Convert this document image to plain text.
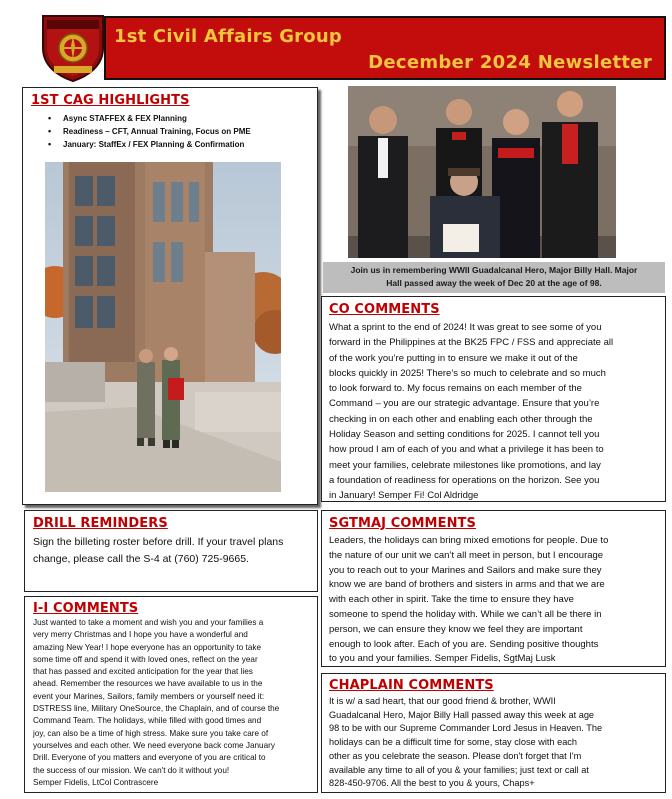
1st Civil Affairs Group
December 2024 Newsletter
1ST CAG HIGHLIGHTS
• Async STAFFEX & FEX Planning
• Readiness – CFT, Annual Training, Focus on PME
• January: StaffEx / FEX Planning & Confirmation
Join us in remembering WWII Guadalcanal Hero, Major Billy Hall. Major
Hall passed away the week of Dec 20 at the age of 98.
CO COMMENTS
What a sprint to the end of 2024! It was great to see some of you
forward in the Philippines at the BK25 FPC / FSS and appreciate all
of the work you’re putting in to ensure we make it out of the
blocks quickly in 2025! There’s so much to celebrate and so much
to look forward to. My focus remains on each member of the
Command – you are our strategic advantage. Ensure that you’re
checking in on each other and enabling each other through the
Holiday Season and setting conditions for 2025. I cannot tell you
how proud I am of each of you and what a privilege it has been to
meet your families, celebrate milestones like promotions, and lay
a foundation of readiness for operations on the horizon. See you
in January! Semper Fi! Col Aldridge
DRILL REMINDERS
Sign the billeting roster before drill. If your travel plans
change, please call the S-4 at (760) 725-9665.
SGTMAJ COMMENTS
Leaders, the holidays can bring mixed emotions for people. Due to
the nature of our unit we can’t all meet in person, but I encourage
you to reach out to your Marines and Sailors and make sure they
know we are band of brothers and sisters in arms and that we are
with each other in spirit. Take the time to ensure they have
someone to spend the holiday with. While we can’t all be there in
person, we can ensure they know we feel they are important
enough to look after. Each of you are. Sending positive thoughts
to you and your families. Semper Fidelis, SgtMaj Lusk
I-I COMMENTS
Just wanted to take a moment and wish you and your families a
very merry Christmas and I hope you have a wonderful and
amazing New Year! I hope everyone has an opportunity to take
some time off and spend it with loved ones, reflect on the year
that has passed and excited anticipation for the year that lies
ahead. Remember the resources we have available to us in the
event your Marines, Sailors, family members or yourself need it:
DSTRESS line, Military OneSource, the Chaplain, and of course the
Command Team. The holidays, while filled with good times and
joy, can also be a time of high stress. Make sure you take care of
yourselves and each other. We need everyone back come January
Drill. Everyone of you matters and everyone of you are critical to
the success of our mission. We can't do it without you!
Semper Fidelis, LtCol Contrascere
CHAPLAIN COMMENTS
It is w/ a sad heart, that our good friend & brother, WWII
Guadalcanal Hero, Major Billy Hall passed away this week at age
98 to be with our Supreme Commander Lord Jesus in Heaven. The
holidays can be a difficult time for some, stay close with each
other as you celebrate the season. Please don't forget that I'm
available any time to all of you & your families; just text or call at
828-450-9706. All the best to you & yours, Chaps+
